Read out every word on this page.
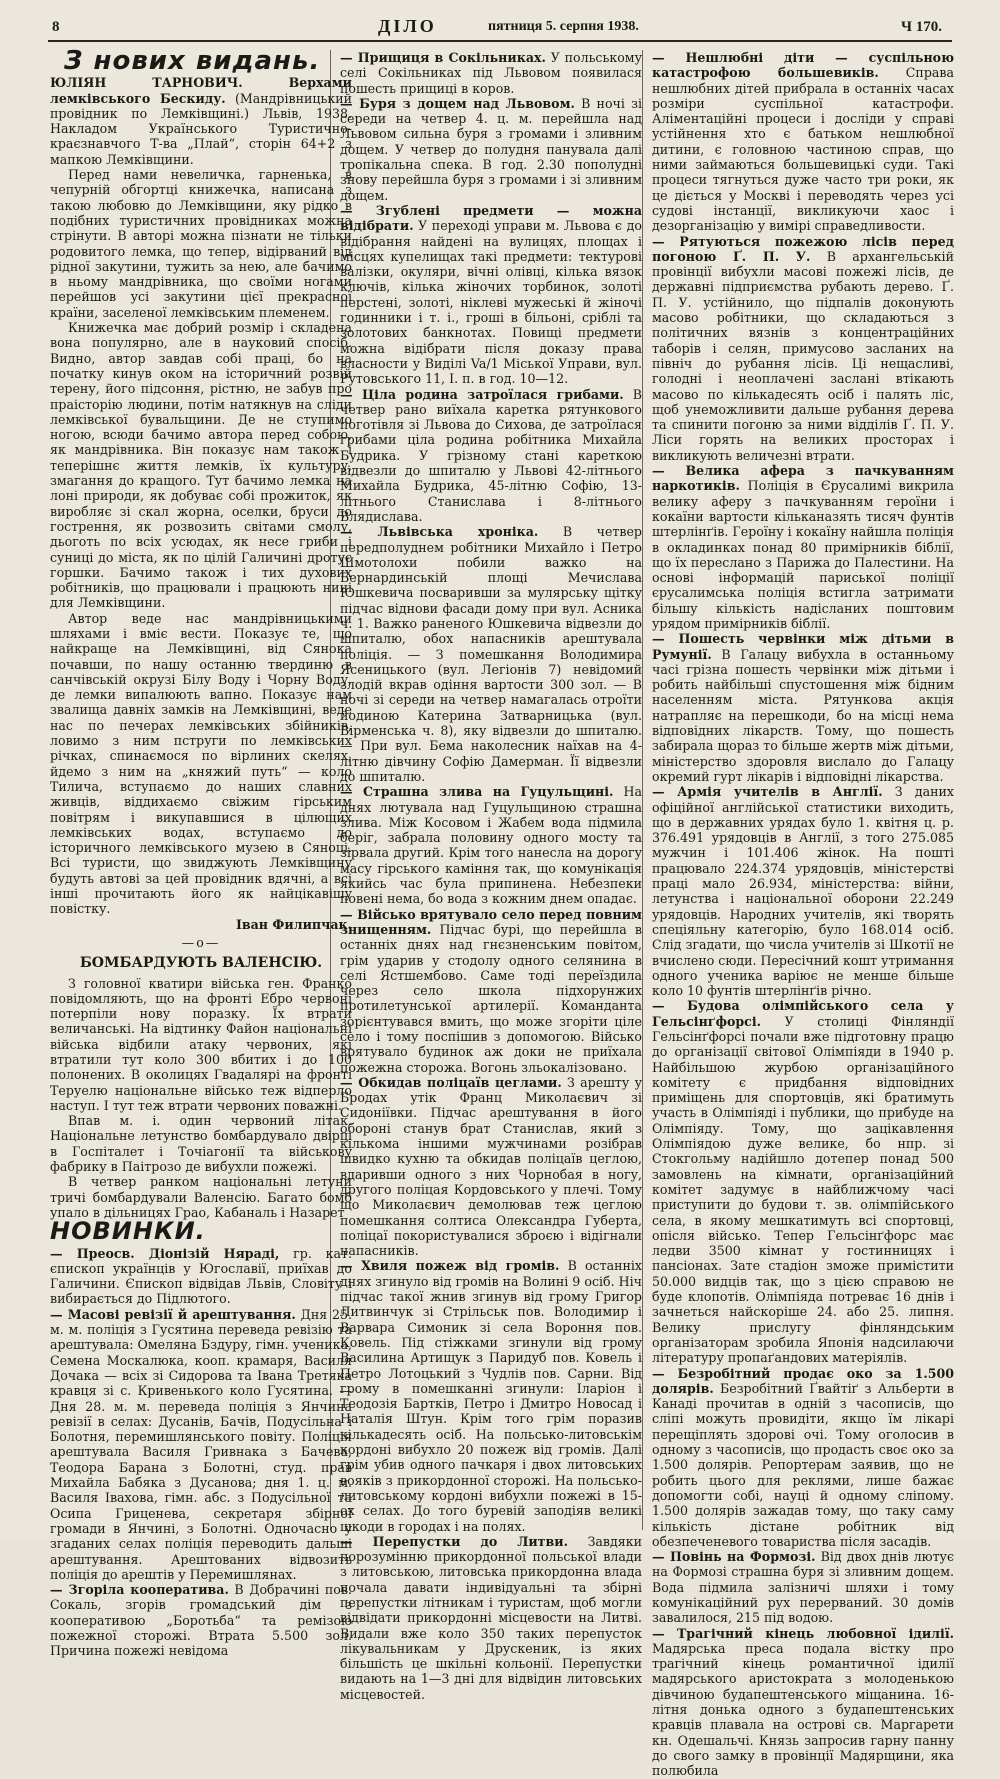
8	ДІЛО	пятниця 5. серпня 1938.	Ч 170.
З нових видань.

ЮЛІЯН ТАРНОВИЧ. Верхами лемківського Бескиду. (Мандрівницький провідник по Лемківщині.) Львів, 1938. Накладом Українського Туристично-краєзнавчого Т-ва „Плай“, сторін 64+2 з мапкою Лемківщини.

Перед нами невеличка, гарненька, в чепурній обгортці книжечка, написана з такою любовю до Лемківщини, яку рідко в подібних туристичних провідниках можна стрінути. В авторі можна пізнати не тільки родовитого лемка, що тепер, відірваний від рідної закутини, тужить за нею, але бачимо в ньому мандрівника, що своїми ногами перейшов усі закутини цієї прекрасної країни, заселеної лемківським племенем.

Книжечка має добрий розмір і складена вона популярно, але в науковий спосіб. Видно, автор завдав собі праці, бо на початку кинув оком на історичний розвій терену, його підсоння, рістню, не забув про праісторію людини, потім натякнув на сліди лемківської бувальщини. Де не ступимо ногою, всюди бачимо автора перед собою, як мандрівника. Він показує нам також і теперішнє життя лемків, їх культуру, змагання до кращого. Тут бачимо лемка на лоні природи, як добуває собі прожиток, як виробляє зі скал жорна, оселки, бруси до гострення, як розвозить світами смолу, дьоготь по всіх усюдах, як несе гриби і суниці до міста, як по цілій Галичині дротує горшки. Бачимо також і тих духових робітників, що працювали і працюють нині для Лемківщини.

Автор веде нас мандрівницькими шляхами і вміє вести. Показує те, що найкраще на Лемківщині, від Сянока почавши, по нашу останню твердиню в санчівській окрузі Білу Воду і Чорну Воду, де лемки випалюють вапно. Показує нам звалища давніх замків на Лемківщині, веде нас по печерах лемківських збійників, ловимо з ним пструги по лемківських річках, спинаємося по вірлиних скелях, йдемо з ним на „княжий путь“ — коло Тилича, вступаємо до наших славних живців, віддихаємо свіжим гірським повітрям і викупавшися в цілющих лемківських водах, вступаємо до історичного лемківського музею в Сяноці. Всі туристи, що звиджують Лемківщину будуть автові за цей провідник вдячні, а всі інші прочитають його як найцікавішу повістку.

Іван Филипчак.
—o—
БОМБАРДУЮТЬ ВАЛЕНСІЮ.

З головної кватири війська ген. Франко повідомляють, що на фронті Ебро червоні потерпіли нову поразку. Їх втрати величанські. На відтинку Файон національні війська відбили атаку червоних, які втратили тут коло 300 вбитих і до 100 полонених. В околицях Гвадалярі на фронті Теруелю національне військо теж відперло наступ. І тут теж втрати червоних поважні.

Впав м. і. один червоний літак. Національне летунство бомбардувало двірці в Госпіталет і Точіагонії та військову фабрику в Паітрозо де вибухли пожежі.

В четвер ранком національні летуни тричі бомбардували Валенсію. Багато бомб упало в дільницях Грао, Кабаналь і Назарет

НОВИНКИ.

— Преосв. Діонізій Няраді, гр. кат. єпископ українців у Югославії, приїхав до Галичини. Єпископ відвідав Львів, Словіту і вибирається до Підлютого.

— Масові ревізії й арештування. Дня 25. м. м. поліція з Гусятина переведа ревізію та арештувала: Омеляна Бздуру, гімн. ученика, Семена Москалюка, кооп. крамаря, Василя Дочака — всіх зі Сидорова та Івана Третяка кравця зі с. Кривенького коло Гусятина. — Дня 28. м. м. переведа поліція з Янчина ревізії в селах: Дусанів, Бачів, Подусільна і Болотня, перемишлянського повіту. Поліція арештувала Василя Гривнака з Бачева, Теодора Барана з Болотні, студ. прав Михайла Бабяка з Дусанова; дня 1. ц. м. Василя Івахова, гімн. абс. з Подусільної та Осипа Гриценева, секретаря збірної громади в Янчині, з Болотні. Одночасно у згаданих селах поліція переводить дальші арештування. Арештованих відвозить поліція до арештів у Перемишлянах.

— Згоріла кооператива. В Добрачині пов. Сокаль, згорів громадський дім з кооперативою „Боротьба“ та ремізою пожежної сторожі. Втрата 5.500 зол. Причина пожежі невідома

— Прищиця в Сокільниках. У польському селі Сокільниках під Львовом появилася пошесть прищиці в коров.

— Буря з дощем над Львовом. В ночі зі середи на четвер 4. ц. м. перейшла над Львовом сильна буря з громами і зливним дощем. У четвер до полудня панувала далі тропікальна спека. В год. 2.30 пополудні знову перейшла буря з громами і зі зливним дощем.

— Згублені предмети — можна відібрати. У переході управи м. Львова є до відібрання найдені на вулицях, площах і місцях купелищах такі предмети: тектурові валізки, окуляри, вічні олівці, кілька вязок ключів, кілька жіночих торбинок, золоті перстені, золоті, ніклеві мужеські й жіночі годинники і т. і., гроші в більоні, сріблі та золотових банкнотах. Повищі предмети можна відібрати після доказу права власности у Виділі Va/1 Міської Управи, вул. Рутовського 11, І. п. в год. 10—12.

— Ціла родина затроїлася грибами. В четвер рано виїхала каретка рятункового поготівля зі Львова до Сихова, де затроїлася грибами ціла родина робітника Михайла Будрика. У грізному стані кареткою відвезли до шпиталю у Львові 42-літнього Михайла Будрика, 45-літню Софію, 13-літнього Станислава і 8-літнього Влядислава.

— Львівська хроніка. В четвер передполуднем робітники Михайло і Петро Шмотолохи побили важко на Бернардинській площі Мечислава Юшкевича посваривши за мулярську щітку підчас віднови фасади дому при вул. Асника ч. 1. Важко раненого Юшкевича відвезли до шпиталю, обох напасників арештувала поліція. — З помешкання Володимира Ясеницького (вул. Легіонів 7) невідомий злодій вкрав одіння вартости 300 зол. — В ночі зі середи на четвер намагалась отроїти йодиною Катерина Затварницька (вул. Вірменська ч. 8), яку відвезли до шпиталю. — При вул. Бема наколесник наїхав на 4-літню дівчину Софію Дамерман. Її відвезли до шпиталю.

— Страшна злива на Гуцульщині. На днях лютувала над Гуцульщиною страшна злива. Між Косовом і Жабем вода підмила беріг, забрала половину одного мосту та зірвала другий. Крім того нанесла на дорогу масу гірського каміння так, що комунікація якийсь час була припинена. Небезпеки повені нема, бо вода з кожним днем опадає.

— Військо врятувало село перед повним знищенням. Підчас бурі, що перейшла в останніх днях над гнєзненським повітом, грім ударив у стодолу одного селянина в селі Ястшембово. Саме тоді переїздила через село школа підхорунжих протилетунської артилерії. Команданта зорієнтувався вмить, що може згоріти ціле село і тому поспішив з допомогою. Військо врятувало будинок аж доки не приїхала пожежна сторожа. Вогонь зльокалізовано.

— Обкидав поліцаїв цеглами. З арешту у Бродах утік Франц Миколаєвич зі Сидоніївки. Підчас арештування в його обороні станув брат Станислав, який з кількома іншими мужчинами розібрав швидко кухню та обкидав поліцаїв цеглою, вдаривши одного з них Чорнобая в ногу, другого поліцая Кордовського у плечі. Тому що Миколаєвич демолював теж цеглою помешкання солтиса Олександра Губерта, поліцаї покористувалися зброєю і відігнали напасників.

— Хвиля пожеж від громів. В останніх днях згинуло від громів на Волині 9 осіб. Ніч підчас такої жнив згинув від грому Григор Литвинчук зі Стрільськ пов. Володимир і Варвара Симоник зі села Вороння пов. Ковель. Під стіжками згинули від грому Василина Артищук з Паридуб пов. Ковель і Петро Лотоцький з Чудлів пов. Сарни. Від грому в помешканні згинули: Іларіон і Теодозія Бартків, Петро і Дмитро Новосад і Наталія Штун. Крім того грім поразив кількадесять осіб. На польсько-литовськім кордоні вибухло 20 пожеж від громів. Далі грім убив одного пачкаря і двох литовських вояків з прикордонної сторожі. На польсько-литовському кордоні вибухли пожежі в 15-ох селах. До того буревій заподіяв великі шкоди в городах і на полях.

— Перепустки до Литви. Завдяки порозумінню прикордонної польської влади з литовською, литовська прикордонна влада почала давати індивідуальні та збірні перепустки літникам і туристам, щоб могли відвідати прикордонні місцевости на Литві. Видали вже коло 350 таких перепусток лікувальникам у Друскеник, із яких більшість це шкільні кольонії. Перепустки видають на 1—3 дні для відвідин литовських місцевостей.

— Нешлюбні діти — суспільною катастрофою большевиків. Справа нешлюбних дітей прибрала в останніх часах розміри суспільної катастрофи. Аліментаційні процеси і досліди у справі устійнення хто є батьком нешлюбної дитини, є головною частиною справ, що ними займаються большевицькі суди. Такі процеси тягнуться дуже часто три роки, як це діється у Москві і переводять через усі судові інстанції, викликуючи хаос і дезорганізацію у вимірі справедливости.

— Рятуються пожежою лісів перед погоною Ґ. П. У. В архангельській провінції вибухли масові пожежі лісів, де державні підприємства рубають дерево. Ґ. П. У. устійнило, що підпалів доконують масово робітники, що складаються з політичних вязнів з концентраційних таборів і селян, примусово засланих на північ до рубання лісів. Ці нещасливі, голодні і неоплачені заслані втікають масово по кількадесять осіб і палять ліс, щоб унеможливити дальше рубання дерева та спинити погоню за ними відділів Ґ. П. У. Ліси горять на великих просторах і викликують величезні втрати.

— Велика афера з пачкуванням наркотиків. Поліція в Єрусалимі викрила велику аферу з пачкуванням героїни і кокаїни вартости кільканазять тисяч фунтів штерлінґів. Героїну і кокаїну найшла поліція в окладинках понад 80 примірників біблії, що їх переслано з Парижа до Палестини. На основі інформацій париської поліції єрусалимська поліція встигла затримати більшу кількість надісланих поштовим урядом примірників біблії.

— Пошесть червінки між дітьми в Румунії. В Галацу вибухла в останньому часі грізна пошесть червінки між дітьми і робить найбільші спустошення між бідним населенням міста. Рятункова акція натрапляє на перешкоди, бо на місці нема відповідних лікарств. Тому, що пошесть забирала щораз то більше жертв між дітьми, міністерство здоровля вислало до Галацу окремий гурт лікарів і відповідні лікарства.

— Армія учителів в Англії. З даних офіційної англійської статистики виходить, що в державних урядах було 1. квітня ц. р. 376.491 урядовців в Англії, з того 275.085 мужчин і 101.406 жінок. На пошті працювало 224.374 урядовців, міністерстві праці мало 26.934, міністерства: війни, летунства і національної оборони 22.249 урядовців. Народних учителів, які творять спеціяльну категорію, було 168.014 осіб. Слід згадати, що числа учителів зі Шкотії не вчислено сюди. Пересічний кошт утримання одного ученика варіює не менше більше коло 10 фунтів штерлінґів річно.

— Будова олімпійського села у Гельсінґфорсі. У столиці Фінляндії Гельсінґфорсі почали вже підготовну працю до організації світової Олімпіяди в 1940 р. Найбільшою журбою організаційного комітету є придбання відповідних приміщень для спортовців, які братимуть участь в Олімпіяді і публики, що прибуде на Олімпіяду. Тому, що зацікавлення Олімпіядою дуже велике, бо нпр. зі Стокгольму надійшло дотепер понад 500 замовлень на кімнати, організаційний комітет задумує в найближчому часі приступити до будови т. зв. олімпійського села, в якому мешкатимуть всі спортовці, опісля військо. Тепер Гельсінґфорс має ледви 3500 кімнат у гостинницях і пансіонах. Зате стадіон зможе примістити 50.000 видців так, що з цією справою не буде клопотів. Олімпіяда потреває 16 днів і зачнеться найскоріше 24. або 25. липня. Велику прислугу фінляндським організаторам зробила Японія надсилаючи літературу пропаґандових матеріялів.

— Безробітний продає око за 1.500 долярів. Безробітний Ґвайтіґ з Альберти в Канаді прочитав в одній з часописів, що сліпі можуть провидіти, якщо їм лікарі перещіплять здорові очі. Тому оголосив в одному з часописів, що продасть своє око за 1.500 долярів. Репортерам заявив, що не робить цього для реклями, лише бажає допомогти собі, науці й одному сліпому. 1.500 долярів зажадав тому, що таку саму кількість дістане робітник від обезпеченевого товариства після засадів.

— Повінь на Формозі. Від двох днів лютує на Формозі страшна буря зі зливним дощем. Вода підмила залізничі шляхи і тому комунікаційний рух перерваний. 30 домів завалилося, 215 під водою.

— Трагічний кінець любовної ідилії. Мадярська преса подала вістку про трагічний кінець романтичної ідилії мадярського аристократа з молоденькою дівчиною будапештенського міщанина. 16-літня донька одного з будапештенських кравців плавала на острові св. Маргарети кн. Одешальчі. Князь запросив гарну панну до свого замку в провінції Мадярщини, яка полюбила
